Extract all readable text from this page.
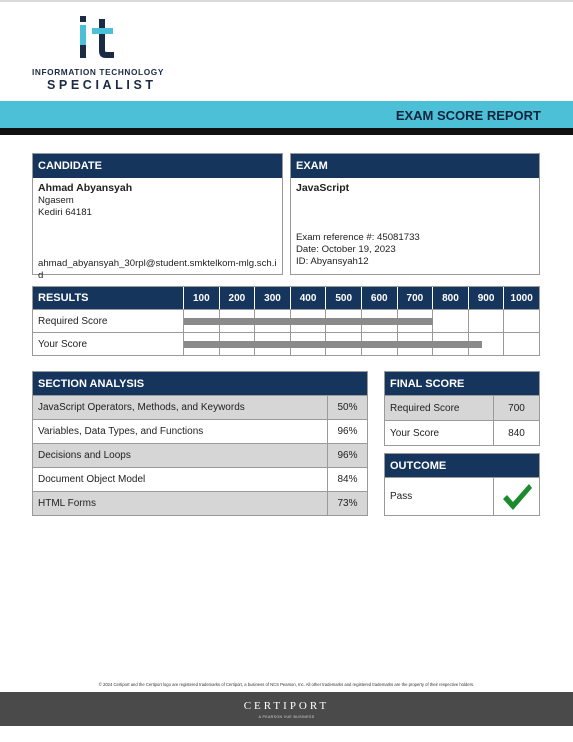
INFORMATION TECHNOLOGY
SPECIALIST
EXAM SCORE REPORT
CANDIDATE
Ahmad Abyansyah
Ngasem
Kediri 64181
ahmad_abyansyah_30rpl@student.smktelkom-mlg.sch.id
EXAM
JavaScript
Exam reference #: 45081733
Date: October 19, 2023
ID: Abyansyah12
RESULTS	100	200	300	400	500	600	700	800	900	1000
Required Score
Your Score
SECTION ANALYSIS
JavaScript Operators, Methods, and Keywords	50%
Variables, Data Types, and Functions	96%
Decisions and Loops	96%
Document Object Model	84%
HTML Forms	73%
FINAL SCORE
Required Score	700
Your Score	840
OUTCOME
Pass
© 2024 Certiport and the Certiport logo are registered trademarks of Certiport, a business of NCS Pearson, Inc. All other trademarks and registered trademarks are the property of their respective holders.
CERTIPORT
A PEARSON VUE BUSINESS
